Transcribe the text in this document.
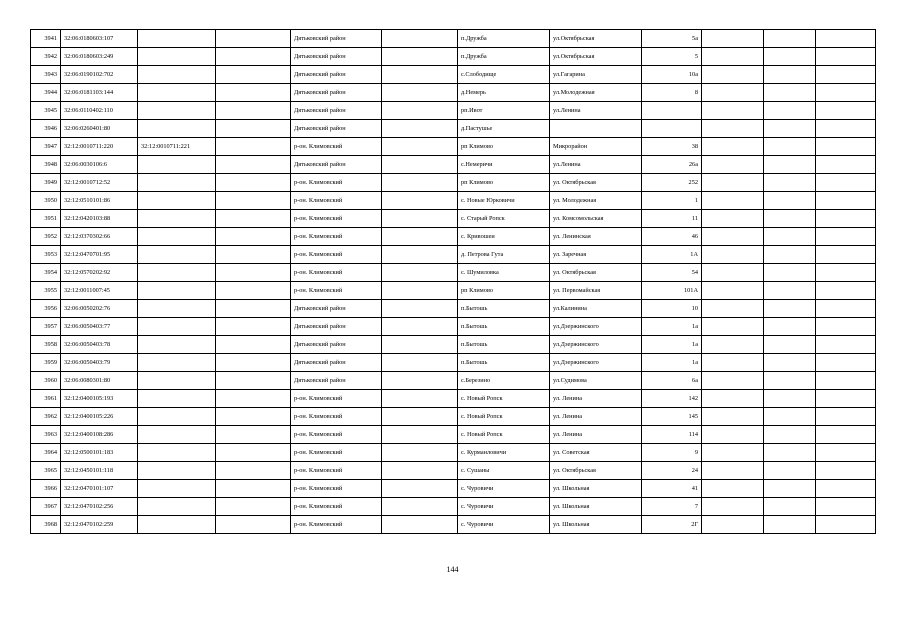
3941	32:06:0180603:107			Дятьковский район		п.Дружба	ул.Октябрьская	5а			
3942	32:06:0180603:249			Дятьковский район		п.Дружба	ул.Октябрьская	5			
3943	32:06:0190102:702			Дятьковский район		с.Слободище	ул.Гагарина	10а			
3944	32:06:0181103:144			Дятьковский район		д.Немерь	ул.Молодежная	8			
3945	32:06:0110402:110			Дятьковский район		рп.Ивот	ул.Ленина				
3946	32:06:0260401:80			Дятьковский район		д.Пастушье					
3947	32:12:0010711:220	32:12:0010711:221		р-он. Климовский		рп Климово	Микрорайон	38			
3948	32:06:0030106:6			Дятьковский район		с.Немеричи	ул.Ленина	26а			
3949	32:12:0010712:52			р-он. Климовский		рп Климово	ул. Октябрьская	252			
3950	32:12:0510101:86			р-он. Климовский		с. Новые Юрковичи	ул. Молодежная	1			
3951	32:12:0420103:88			р-он. Климовский		с. Старый Ропск	ул. Комсомольская	11			
3952	32:12:0370302:66			р-он. Климовский		с. Кривошеи	ул. Ленинская	46			
3953	32:12:0470701:95			р-он. Климовский		д. Петрова Гута	ул. Заречная	1А			
3954	32:12:0570202:92			р-он. Климовский		с. Шумиловка	ул. Октябрьская	54			
3955	32:12:0011007:45			р-он. Климовский		рп Климово	ул. Первомайская	101А			
3956	32:06:0050202:76			Дятьковский район		п.Бытошь	ул.Калинина	10			
3957	32:06:0050403:77			Дятьковский район		п.Бытошь	ул.Дзержинского	1а			
3958	32:06:0050403:78			Дятьковский район		п.Бытошь	ул.Дзержинского	1а			
3959	32:06:0050403:79			Дятьковский район		п.Бытошь	ул.Дзержинского	1а			
3960	32:06:0080301:80			Дятьковский район		с.Березино	ул.Судимова	6а			
3961	32:12:0400105:193			р-он. Климовский		с. Новый Ропск	ул. Ленина	142			
3962	32:12:0400105:226			р-он. Климовский		с. Новый Ропск	ул. Ленина	145			
3963	32:12:0400108:286			р-он. Климовский		с. Новый Ропск	ул. Ленина	114			
3964	32:12:0500101:183			р-он. Климовский		с. Курманловичи	ул. Советская	9			
3965	32:12:0450101:118			р-он. Климовский		с. Сушаны	ул. Октябрьская	24			
3966	32:12:0470101:107			р-он. Климовский		с. Чуровичи	ул. Школьная	41			
3967	32:12:0470102:256			р-он. Климовский		с. Чуровичи	ул. Школьная	7			
3968	32:12:0470102:259			р-он. Климовский		с. Чуровичи	ул. Школьная	2Г			
144
